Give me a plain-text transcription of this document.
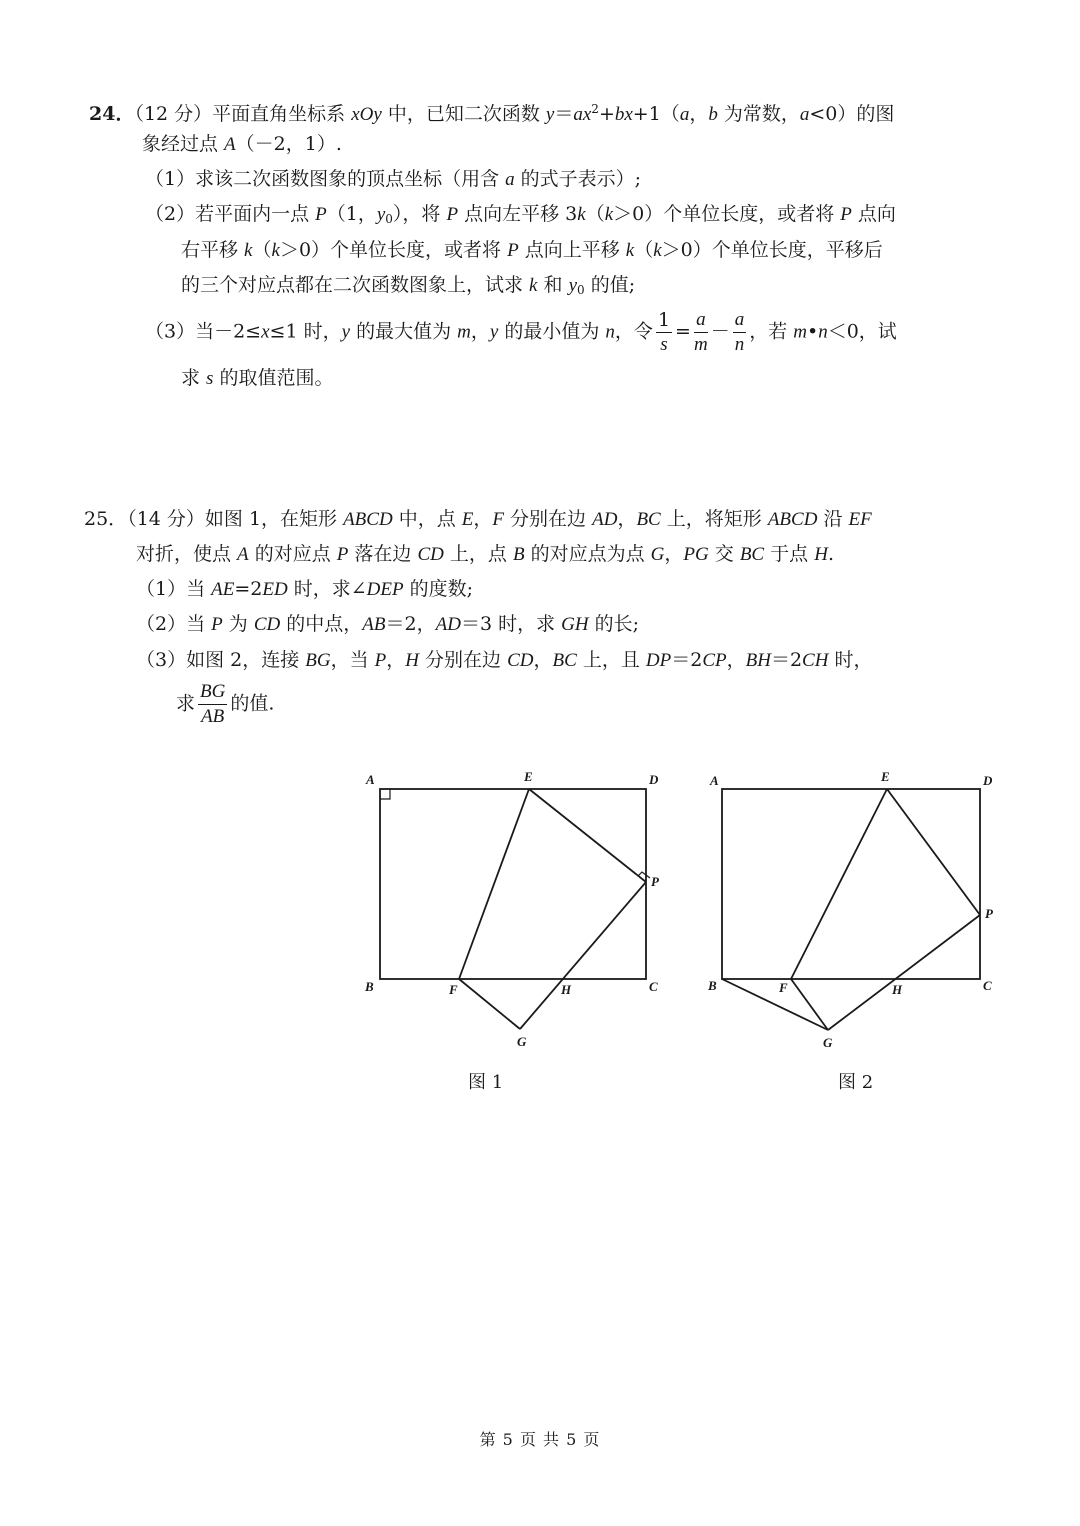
24．（12 分）平面直角坐标系 xOy 中，已知二次函数 $y=ax^2+bx+1(a$，b 为常数，a<0）的图
象经过点 A（－2，1）.
（1）求该二次函数图象的顶点坐标（用含 a 的式子表示）;
（2）若平面内一点 P（1，$y_0$），将 P 点向左平移 3k（k＞0）个单位长度，或者将 P 点向
右平移 k（k＞0）个单位长度，或者将 P 点向上平移 k（k＞0）个单位长度，平移后
的三个对应点都在二次函数图象上，试求 k 和 $y_0$ 的值;
（3）当－2≤x≤1 时，y 的最大值为 m，y 的最小值为 n，令 $\frac{1}{s} = \frac{a}{m} - \frac{a}{n}$ ，若 m•n＜0，试
求 s 的取值范围。
25．（14 分）如图 1，在矩形 ABCD 中，点 E，F 分别在边 AD，BC 上，将矩形 ABCD 沿 EF
对折，使点 A 的对应点 P 落在边 CD 上，点 B 的对应点为点 G，PG 交 BC 于点 H.
（1）当 AE=2ED 时，求∠DEP 的度数;
（2）当 P 为 CD 的中点，AB＝2，AD＝3 时，求 GH 的长;
（3）如图 2，连接 BG，当 P，H 分别在边 CD，BC 上，且 DP＝2CP，BH＝2CH 时，
求 $\frac{BG}{AB}$ 的值.
A	E	D
P
B	F	H	C
G
图 1
A	E	D
P
B	F	H	C
G
图 2
第 5 页 共 5 页
